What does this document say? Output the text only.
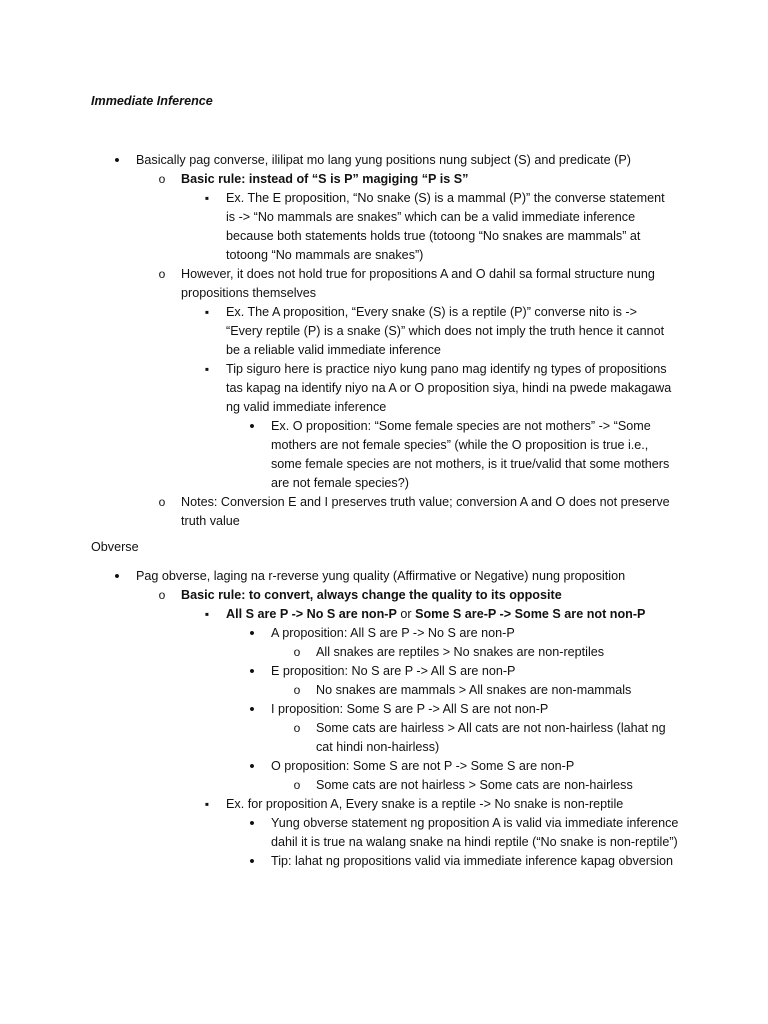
Immediate Inference
•
Basically pag converse, ililipat mo lang yung positions nung subject (S) and predicate (P)
o
Basic rule: instead of “S is P” magiging “P is S”
▪
Ex. The E proposition, “No snake (S) is a mammal (P)” the converse statement is -> “No mammals are snakes” which can be a valid immediate inference because both statements holds true (totoong “No snakes are mammals” at totoong “No mammals are snakes”)
o
However, it does not hold true for propositions A and O dahil sa formal structure nung propositions themselves
▪
Ex. The A proposition, “Every snake (S) is a reptile (P)” converse nito is -> “Every reptile (P) is a snake (S)” which does not imply the truth hence it cannot be a reliable valid immediate inference
▪
Tip siguro here is practice niyo kung pano mag identify ng types of propositions tas kapag na identify niyo na A or O proposition siya, hindi na pwede makagawa ng valid immediate inference
•
Ex. O proposition: “Some female species are not mothers” -> “Some mothers are not female species” (while the O proposition is true i.e., some female species are not mothers, is it true/valid that some mothers are not female species?)
o
Notes: Conversion E and I preserves truth value; conversion A and O does not preserve truth value
Obverse
•
Pag obverse, laging na r-reverse yung quality (Affirmative or Negative) nung proposition
o
Basic rule: to convert, always change the quality to its opposite
▪
All S are P -> No S are non-P or Some S are-P -> Some S are not non-P
•
A proposition: All S are P -> No S are non-P
o
All snakes are reptiles > No snakes are non-reptiles
•
E proposition: No S are P -> All S are non-P
o
No snakes are mammals > All snakes are non-mammals
•
I proposition: Some S are P -> All S are not non-P
o
Some cats are hairless > All cats are not non-hairless (lahat ng cat hindi non-hairless)
•
O proposition: Some S are not P -> Some S are non-P
o
Some cats are not hairless > Some cats are non-hairless
▪
Ex. for proposition A, Every snake is a reptile -> No snake is non-reptile
•
Yung obverse statement ng proposition A is valid via immediate inference dahil it is true na walang snake na hindi reptile (“No snake is non-reptile”)
•
Tip: lahat ng propositions valid via immediate inference kapag obversion
